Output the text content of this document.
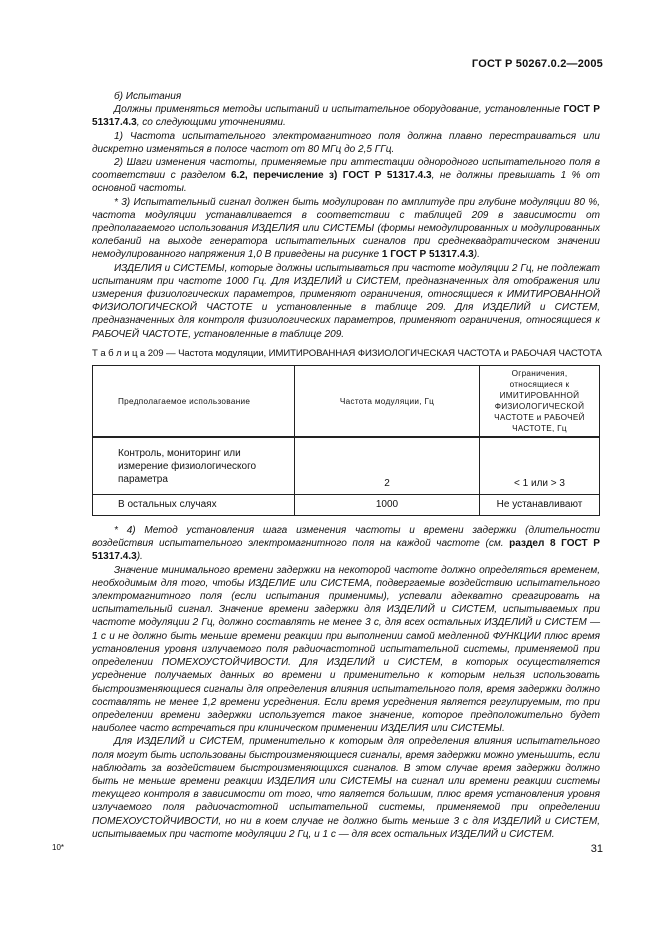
ГОСТ Р 50267.0.2—2005

б) Испытания

Должны применяться методы испытаний и испытательное оборудование, установленные ГОСТ Р 51317.4.3, со следующими уточнениями.

1) Частота испытательного электромагнитного поля должна плавно перестраиваться или дискретно изменяться в полосе частот от 80 МГц до 2,5 ГГц.

2) Шаги изменения частоты, применяемые при аттестации однородного испытательного поля в соответствии с разделом 6.2, перечисление з) ГОСТ Р 51317.4.3, не должны превышать 1 % от основной частоты.

* 3) Испытательный сигнал должен быть модулирован по амплитуде при глубине модуляции 80 %, частота модуляции устанавливается в соответствии с таблицей 209 в зависимости от предполагаемого использования ИЗДЕЛИЯ или СИСТЕМЫ (формы немодулированных и модулированных колебаний на выходе генератора испытательных сигналов при среднеквадратическом значении немодулированного напряжения 1,0 В приведены на рисунке 1 ГОСТ Р 51317.4.3).

ИЗДЕЛИЯ и СИСТЕМЫ, которые должны испытываться при частоте модуляции 2 Гц, не подлежат испытаниям при частоте 1000 Гц. Для ИЗДЕЛИЙ и СИСТЕМ, предназначенных для отображения или измерения физиологических параметров, применяют ограничения, относящиеся к ИМИТИРОВАННОЙ ФИЗИОЛОГИЧЕСКОЙ ЧАСТОТЕ и установленные в таблице 209. Для ИЗДЕЛИЙ и СИСТЕМ, предназначенных для контроля физиологических параметров, применяют ограничения, относящиеся к РАБОЧЕЙ ЧАСТОТЕ, установленные в таблице 209.

Т а б л и ц а 209 — Частота модуляции, ИМИТИРОВАННАЯ ФИЗИОЛОГИЧЕСКАЯ ЧАСТОТА и РАБОЧАЯ ЧАСТОТА
Предполагаемое использование	Частота модуляции, Гц	Ограничения, относящиеся к ИМИТИРОВАННОЙ ФИЗИОЛОГИЧЕСКОЙ ЧАСТОТЕ и РАБОЧЕЙ ЧАСТОТЕ, Гц
Контроль, мониторинг или измерение физиологического параметра	2	< 1 или > 3
В остальных случаях	1000	Не устанавливают

* 4) Метод установления шага изменения частоты и времени задержки (длительности воздействия испытательного электромагнитного поля на каждой частоте (см. раздел 8 ГОСТ Р 51317.4.3).

Значение минимального времени задержки на некоторой частоте должно определяться временем, необходимым для того, чтобы ИЗДЕЛИЕ или СИСТЕМА, подвергаемые воздействию испытательного электромагнитного поля (если испытания применимы), успевали адекватно среагировать на испытательный сигнал. Значение времени задержки для ИЗДЕЛИЙ и СИСТЕМ, испытываемых при частоте модуляции 2 Гц, должно составлять не менее 3 с, для всех остальных ИЗДЕЛИЙ и СИСТЕМ — 1 с и не должно быть меньше времени реакции при выполнении самой медленной ФУНКЦИИ плюс время установления уровня излучаемого поля радиочастотной испытательной системы, применяемой при определении ПОМЕХОУСТОЙЧИВОСТИ. Для ИЗДЕЛИЙ и СИСТЕМ, в которых осуществляется усреднение получаемых данных во времени и применительно к которым нельзя использовать быстроизменяющиеся сигналы для определения влияния испытательного поля, время задержки должно составлять не менее 1,2 времени усреднения. Если время усреднения является регулируемым, то при определении времени задержки используется такое значение, которое предположительно будет наиболее часто встречаться при клиническом применении ИЗДЕЛИЯ или СИСТЕМЫ.

Для ИЗДЕЛИЙ и СИСТЕМ, применительно к которым для определения влияния испытательного поля могут быть использованы быстроизменяющиеся сигналы, время задержки можно уменьшить, если наблюдать за воздействием быстроизменяющихся сигналов. В этом случае время задержки должно быть не меньше времени реакции ИЗДЕЛИЯ или СИСТЕМЫ на сигнал или времени реакции системы текущего контроля в зависимости от того, что является большим, плюс время установления уровня излучаемого поля радиочастотной испытательной системы, применяемой при определении ПОМЕХОУСТОЙЧИВОСТИ, но ни в коем случае не должно быть меньше 3 с для ИЗДЕЛИЙ и СИСТЕМ, испытываемых при частоте модуляции 2 Гц, и 1 с — для всех остальных ИЗДЕЛИЙ и СИСТЕМ.

10*	31
